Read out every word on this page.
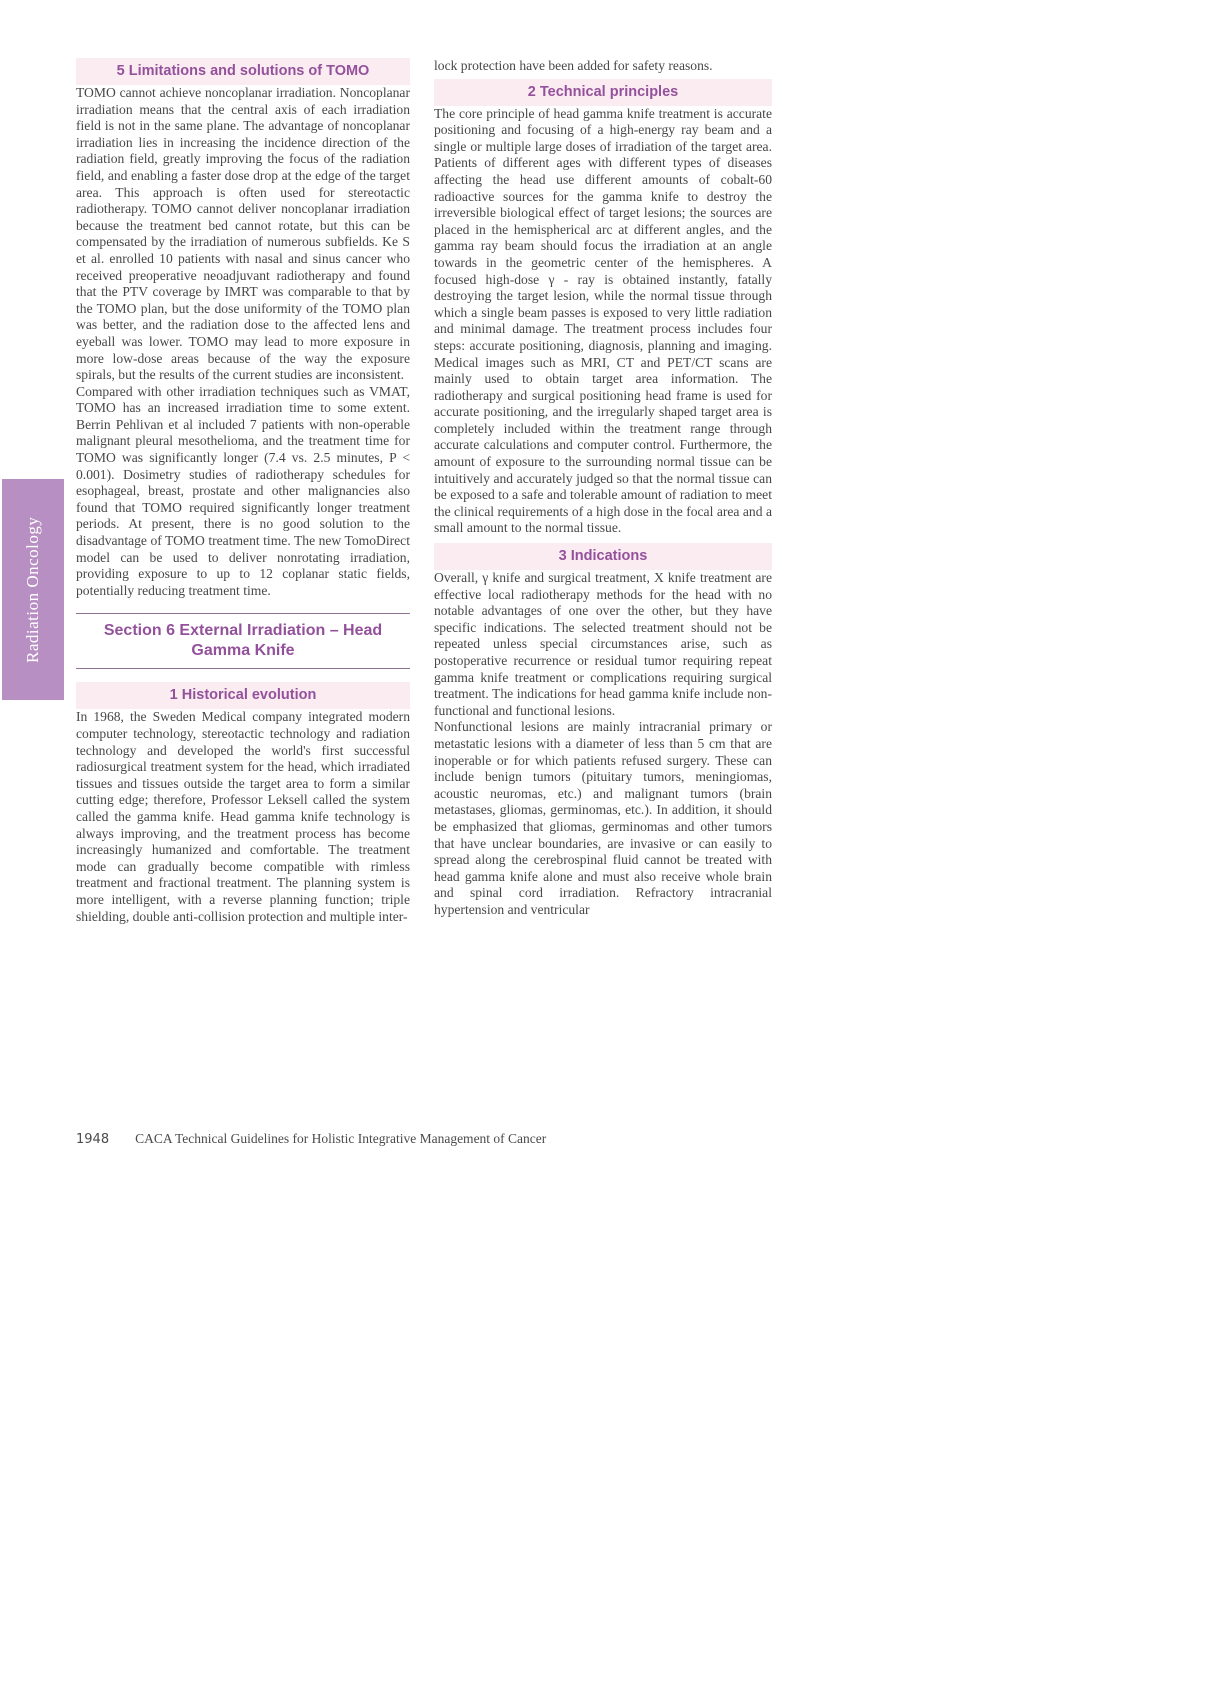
Radiation Oncology
5 Limitations and solutions of TOMO

TOMO cannot achieve noncoplanar irradiation. Noncoplanar irradiation means that the central axis of each irradiation field is not in the same plane. The advantage of noncoplanar irradiation lies in increasing the incidence direction of the radiation field, greatly improving the focus of the radiation field, and enabling a faster dose drop at the edge of the target area. This approach is often used for stereotactic radiotherapy. TOMO cannot deliver noncoplanar irradiation because the treatment bed cannot rotate, but this can be compensated by the irradiation of numerous subfields. Ke S et al. enrolled 10 patients with nasal and sinus cancer who received preoperative neoadjuvant radiotherapy and found that the PTV coverage by IMRT was comparable to that by the TOMO plan, but the dose uniformity of the TOMO plan was better, and the radiation dose to the affected lens and eyeball was lower. TOMO may lead to more exposure in more low-dose areas because of the way the exposure spirals, but the results of the current studies are inconsistent.

Compared with other irradiation techniques such as VMAT, TOMO has an increased irradiation time to some extent. Berrin Pehlivan et al included 7 patients with non-operable malignant pleural mesothelioma, and the treatment time for TOMO was significantly longer (7.4 vs. 2.5 minutes, P < 0.001). Dosimetry studies of radiotherapy schedules for esophageal, breast, prostate and other malignancies also found that TOMO required significantly longer treatment periods. At present, there is no good solution to the disadvantage of TOMO treatment time. The new TomoDirect model can be used to deliver nonrotating irradiation, providing exposure to up to 12 coplanar static fields, potentially reducing treatment time.

Section 6 External Irradiation – Head Gamma Knife
1 Historical evolution

In 1968, the Sweden Medical company integrated modern computer technology, stereotactic technology and radiation technology and developed the world's first successful radiosurgical treatment system for the head, which irradiated tissues and tissues outside the target area to form a similar cutting edge; therefore, Professor Leksell called the system called the gamma knife. Head gamma knife technology is always improving, and the treatment process has become increasingly humanized and comfortable. The treatment mode can gradually become compatible with rimless treatment and fractional treatment. The planning system is more intelligent, with a reverse planning function; triple shielding, double anti-collision protection and multiple inter-

lock protection have been added for safety reasons.

2 Technical principles

The core principle of head gamma knife treatment is accurate positioning and focusing of a high-energy ray beam and a single or multiple large doses of irradiation of the target area. Patients of different ages with different types of diseases affecting the head use different amounts of cobalt-60 radioactive sources for the gamma knife to destroy the irreversible biological effect of target lesions; the sources are placed in the hemispherical arc at different angles, and the gamma ray beam should focus the irradiation at an angle towards in the geometric center of the hemispheres. A focused high-dose γ - ray is obtained instantly, fatally destroying the target lesion, while the normal tissue through which a single beam passes is exposed to very little radiation and minimal damage. The treatment process includes four steps: accurate positioning, diagnosis, planning and imaging. Medical images such as MRI, CT and PET/CT scans are mainly used to obtain target area information. The radiotherapy and surgical positioning head frame is used for accurate positioning, and the irregularly shaped target area is completely included within the treatment range through accurate calculations and computer control. Furthermore, the amount of exposure to the surrounding normal tissue can be intuitively and accurately judged so that the normal tissue can be exposed to a safe and tolerable amount of radiation to meet the clinical requirements of a high dose in the focal area and a small amount to the normal tissue.

3 Indications

Overall, γ knife and surgical treatment, X knife treatment are effective local radiotherapy methods for the head with no notable advantages of one over the other, but they have specific indications. The selected treatment should not be repeated unless special circumstances arise, such as postoperative recurrence or residual tumor requiring repeat gamma knife treatment or complications requiring surgical treatment. The indications for head gamma knife include non-functional and functional lesions.

Nonfunctional lesions are mainly intracranial primary or metastatic lesions with a diameter of less than 5 cm that are inoperable or for which patients refused surgery. These can include benign tumors (pituitary tumors, meningiomas, acoustic neuromas, etc.) and malignant tumors (brain metastases, gliomas, germinomas, etc.). In addition, it should be emphasized that gliomas, germinomas and other tumors that have unclear boundaries, are invasive or can easily to spread along the cerebrospinal fluid cannot be treated with head gamma knife alone and must also receive whole brain and spinal cord irradiation. Refractory intracranial hypertension and ventricular

1948 CACA Technical Guidelines for Holistic Integrative Management of Cancer
